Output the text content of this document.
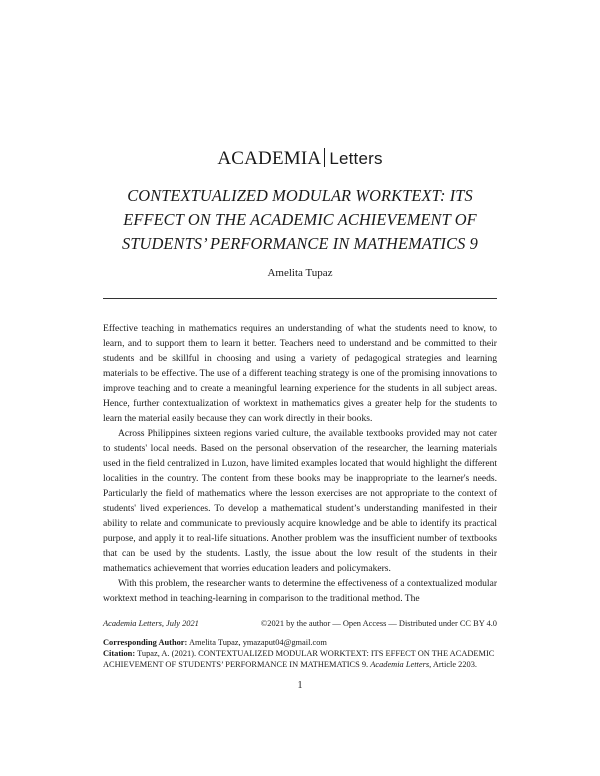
ACADEMIA Letters
CONTEXTUALIZED MODULAR WORKTEXT: ITS
EFFECT ON THE ACADEMIC ACHIEVEMENT OF
STUDENTS’ PERFORMANCE IN MATHEMATICS 9
Amelita Tupaz

Effective teaching in mathematics requires an understanding of what the students need to know, to learn, and to support them to learn it better. Teachers need to understand and be committed to their students and be skillful in choosing and using a variety of pedagogical strategies and learning materials to be effective. The use of a different teaching strategy is one of the promising innovations to improve teaching and to create a meaningful learning experience for the students in all subject areas. Hence, further contextualization of worktext in mathematics gives a greater help for the students to learn the material easily because they can work directly in their books.

Across Philippines sixteen regions varied culture, the available textbooks provided may not cater to students' local needs. Based on the personal observation of the researcher, the learning materials used in the field centralized in Luzon, have limited examples located that would highlight the different localities in the country. The content from these books may be inappropriate to the learner's needs. Particularly the field of mathematics where the lesson exercises are not appropriate to the context of students' lived experiences. To develop a mathematical student’s understanding manifested in their ability to relate and communicate to previously acquire knowledge and be able to identify its practical purpose, and apply it to real-life situations. Another problem was the insufficient number of textbooks that can be used by the students. Lastly, the issue about the low result of the students in their mathematics achievement that worries education leaders and policymakers.

With this problem, the researcher wants to determine the effectiveness of a contextualized modular worktext method in teaching-learning in comparison to the traditional method. The

Academia Letters, July 2021	©2021 by the author — Open Access — Distributed under CC BY 4.0
Corresponding Author: Amelita Tupaz, ymazaput04@gmail.com
Citation: Tupaz, A. (2021). CONTEXTUALIZED MODULAR WORKTEXT: ITS EFFECT ON THE ACADEMIC ACHIEVEMENT OF STUDENTS’ PERFORMANCE IN MATHEMATICS 9. Academia Letters, Article 2203.
1
